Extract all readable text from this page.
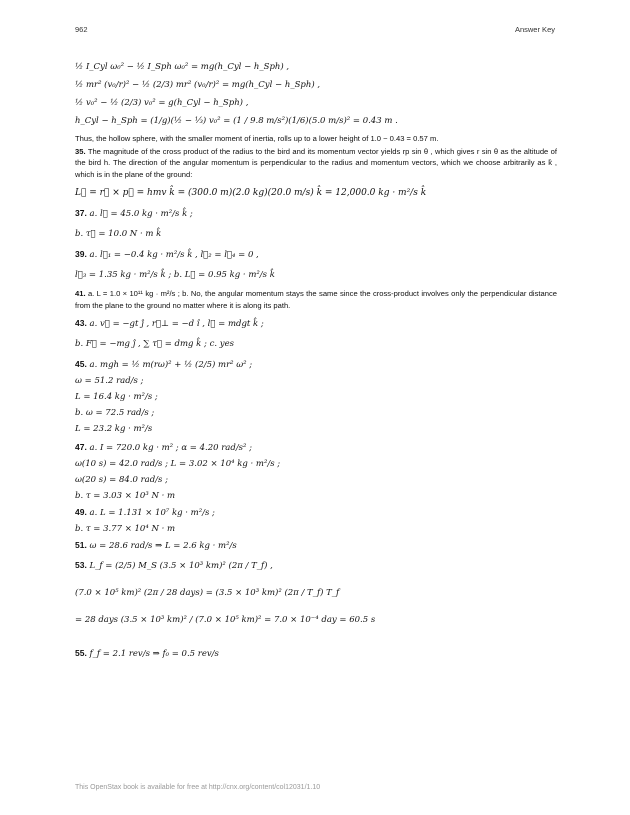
962	Answer Key
½ I_Cyl ω₀² − ½ I_Sph ω₀² = mg(h_Cyl − h_Sph) ,
½ mr² (v₀/r)² − ½ (2/3) mr² (v₀/r)² = mg(h_Cyl − h_Sph) ,
½ v₀² − ½ (2/3) v₀² = g(h_Cyl − h_Sph) ,
h_Cyl − h_Sph = (1/g)(½ − ⅓) v₀² = (1 / 9.8 m/s²)(1/6)(5.0 m/s)² = 0.43 m .
Thus, the hollow sphere, with the smaller moment of inertia, rolls up to a lower height of 1.0 − 0.43 = 0.57 m.
35. The magnitude of the cross product of the radius to the bird and its momentum vector yields rp sin θ , which gives r sin θ as the altitude of the bird h. The direction of the angular momentum is perpendicular to the radius and momentum vectors, which we choose arbitrarily as k̂ , which is in the plane of the ground:
L⃗ = r⃗ × p⃗ = hmv k̂ = (300.0 m)(2.0 kg)(20.0 m/s) k̂ = 12,000.0 kg · m²/s k̂
37. a. l⃗ = 45.0 kg · m²/s k̂ ;
b. τ⃗ = 10.0 N · m k̂
39. a. l⃗₁ = −0.4 kg · m²/s k̂ , l⃗₂ = l⃗₄ = 0 ,
l⃗₃ = 1.35 kg · m²/s k̂ ; b. L⃗ = 0.95 kg · m²/s k̂
41. a. L = 1.0 × 10¹¹ kg · m²/s ; b. No, the angular momentum stays the same since the cross-product involves only the perpendicular distance from the plane to the ground no matter where it is along its path.
43. a. v⃗ = −gt ĵ , r⃗⊥ = −d î , l⃗ = mdgt k̂ ;
b. F⃗ = −mg ĵ , ∑ τ⃗ = dmg k̂ ; c. yes
45. a. mgh = ½ m(rω)² + ½ (2/5) mr² ω² ;
ω = 51.2 rad/s ;
L = 16.4 kg · m²/s ;
b. ω = 72.5 rad/s ;
L = 23.2 kg · m²/s
47. a. I = 720.0 kg · m² ; α = 4.20 rad/s² ;
ω(10 s) = 42.0 rad/s ; L = 3.02 × 10⁴ kg · m²/s ;
ω(20 s) = 84.0 rad/s ;
b. τ = 3.03 × 10³ N · m
49. a. L = 1.131 × 10⁷ kg · m²/s ;
b. τ = 3.77 × 10⁴ N · m
51. ω = 28.6 rad/s ⇒ L = 2.6 kg · m²/s
53. L_f = (2/5) M_S (3.5 × 10³ km)² (2π / T_f) ,
(7.0 × 10⁵ km)² (2π / 28 days) = (3.5 × 10³ km)² (2π / T_f) T_f
= 28 days (3.5 × 10³ km)² / (7.0 × 10⁵ km)² = 7.0 × 10⁻⁴ day = 60.5 s
55. f_f = 2.1 rev/s ⇒ f₀ = 0.5 rev/s
This OpenStax book is available for free at http://cnx.org/content/col12031/1.10
